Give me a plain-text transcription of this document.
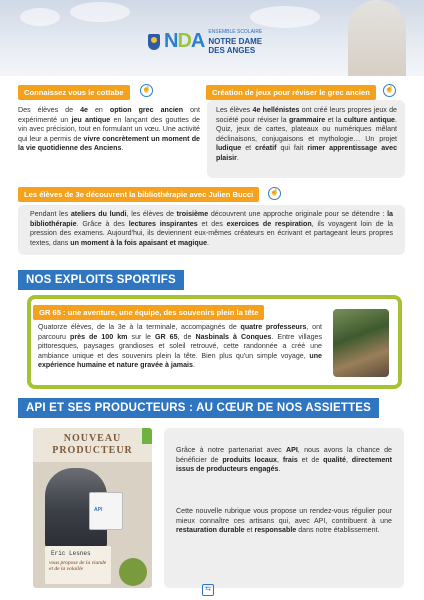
NDA ENSEMBLE SCOLAIRE
NOTRE DAME
DES ANGES
Connaissez vous le cottabe	☝

Des élèves de 4e en option grec ancien ont expérimenté un jeu antique en lançant des gouttes de vin avec précision, tout en formulant un vœu. Une activité qui leur a permis de vivre concrètement un moment de la vie quotidienne des Anciens.

Création de jeux pour réviser le grec ancien	☝

Les élèves 4e hellénistes ont créé leurs propres jeux de société pour réviser la grammaire et la culture antique. Quiz, jeux de cartes, plateaux ou numériques mêlant déclinaisons, conjugaisons et mythologie… Un projet ludique et créatif qui fait rimer apprentissage avec plaisir.

Les élèves de 3e découvrent la bibliothérapie avec Julien Bucci	☝

Pendant les ateliers du lundi, les élèves de troisième découvrent une approche originale pour se détendre : la bibliothérapie. Grâce à des lectures inspirantes et des exercices de respiration, ils voyagent loin de la pression des examens. Aujourd'hui, ils deviennent eux-mêmes créateurs en écrivant et partageant leurs propres textes, dans un moment à la fois apaisant et magique.

NOS EXPLOITS SPORTIFS
GR 65 : une aventure, une équipe, des souvenirs plein la tête

Quatorze élèves, de la 3e à la terminale, accompagnés de quatre professeurs, ont parcouru près de 100 km sur le GR 65, de Nasbinals à Conques. Entre villages pittoresques, paysages grandioses et soleil retrouvé, cette randonnée a créé une ambiance unique et des souvenirs plein la tête. Bien plus qu'un simple voyage, une expérience humaine et nature gravée à jamais.

API ET SES PRODUCTEURS : AU CŒUR DE NOS ASSIETTES
NOUVEAU
PRODUCTEUR
API
Eric Lesnes
vous propose de la viande et de la volaille

Grâce à notre partenariat avec API, nous avons la chance de bénéficier de produits locaux, frais et de qualité, directement issus de producteurs engagés.

Cette nouvelle rubrique vous propose un rendez-vous régulier pour mieux connaître ces artisans qui, avec API, contribuent à une restauration durable et responsable dans notre établissement.

⇆
